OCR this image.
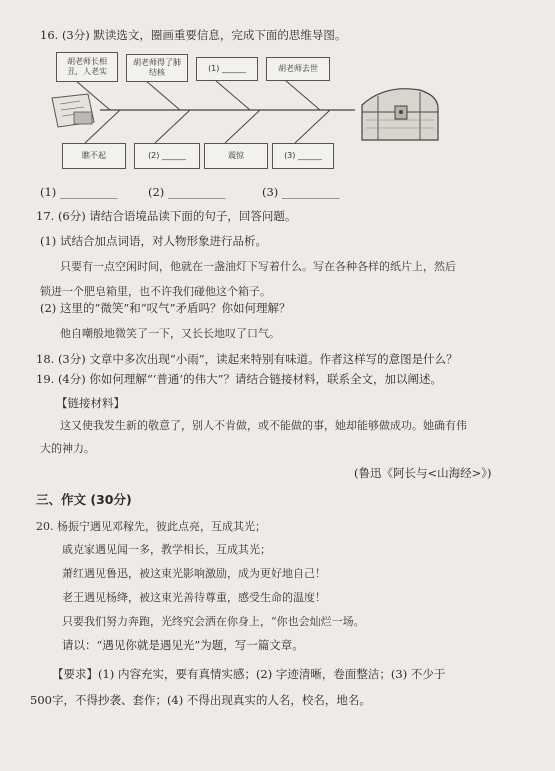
16. (3分) 默读选文，圈画重要信息，完成下面的思维导图。
胡老师长相丑，人老实
胡老师得了肺结核	(1) ______	胡老师去世
瞧不起	(2) ______	震惊	(3) ______
(1) __________	(2) __________	(3) __________
17. (6分) 请结合语境品读下面的句子，回答问题。
(1) 试结合加点词语，对人物形象进行品析。
只要有一点空闲时间，他就在一盏油灯下写着什么。写在各种各样的纸片上，然后
锁进一个肥皂箱里，也不许我们碰他这个箱子。
(2) 这里的“微笑”和“叹气”矛盾吗？你如何理解？
他自嘲般地微笑了一下，又长长地叹了口气。
18. (3分) 文章中多次出现“小雨”，读起来特别有味道。作者这样写的意图是什么？
19. (4分) 你如何理解“‘普通’的伟大”？请结合链接材料，联系全文，加以阐述。
【链接材料】
这又使我发生新的敬意了，别人不肯做，或不能做的事，她却能够做成功。她确有伟
大的神力。
(鲁迅《阿长与<山海经>》)
三、作文 (30分)
20. 杨振宁遇见邓稼先，彼此点亮，互成其光；
戚克家遇见闻一多，教学相长，互成其光；
萧红遇见鲁迅，被这束光影响激励，成为更好地自己！
老王遇见杨绛，被这束光善待尊重，感受生命的温度！
只要我们努力奔跑，光终究会洒在你身上，“你也会灿烂一场。
请以：“遇见你就是遇见光”为题，写一篇文章。
【要求】(1) 内容充实，要有真情实感；(2) 字迹清晰，卷面整洁；(3) 不少于
500字，不得抄袭、套作；(4) 不得出现真实的人名，校名，地名。
